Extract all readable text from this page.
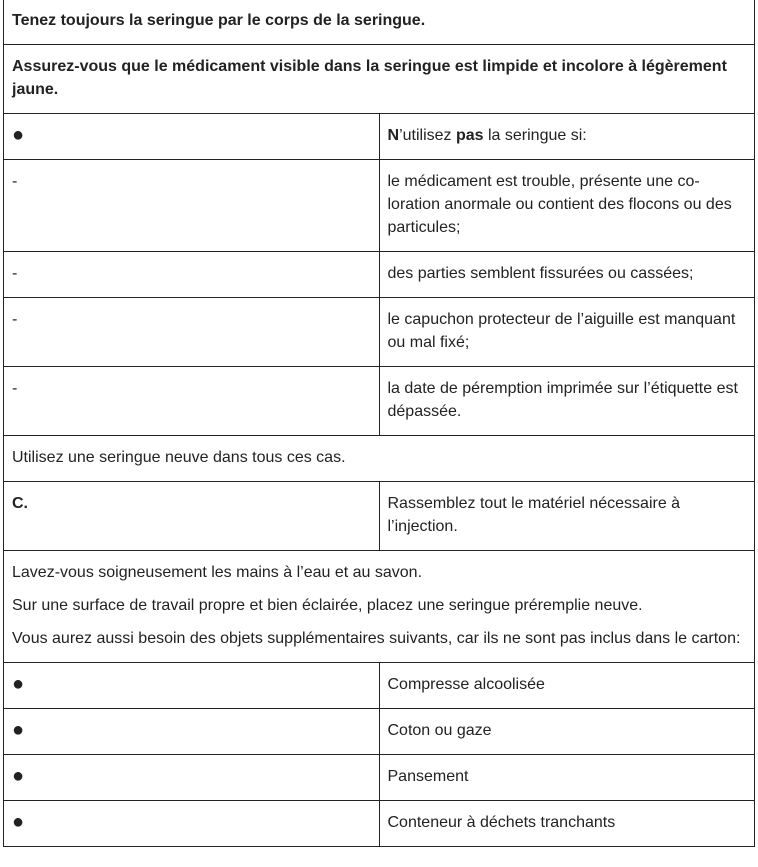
Tenez toujours la seringue par le corps de la seringue.	
Assurez-vous que le médicament visible dans la seringue est limpide et incolore à légèrement jaune.	
●	N’utilisez pas la seringue si:
-	le médicament est trouble, présente une coloration anormale ou contient des flocons ou des particules;
-	des parties semblent fissurées ou cassées;
-	le capuchon protecteur de l’aiguille est manquant ou mal fixé;
-	la date de péremption imprimée sur l’étiquette est dépassée.
Utilisez une seringue neuve dans tous ces cas.	
C.	Rassemblez tout le matériel nécessaire à l’injection.

Lavez-vous soigneusement les mains à l’eau et au savon.

Sur une surface de travail propre et bien éclairée, placez une seringue préremplie neuve.

Vous aurez aussi besoin des objets supplémentaires suivants, car ils ne sont pas inclus dans le carton:	

●	Compresse alcoolisée
●	Coton ou gaze
●	Pansement
●	Conteneur à déchets tranchants
